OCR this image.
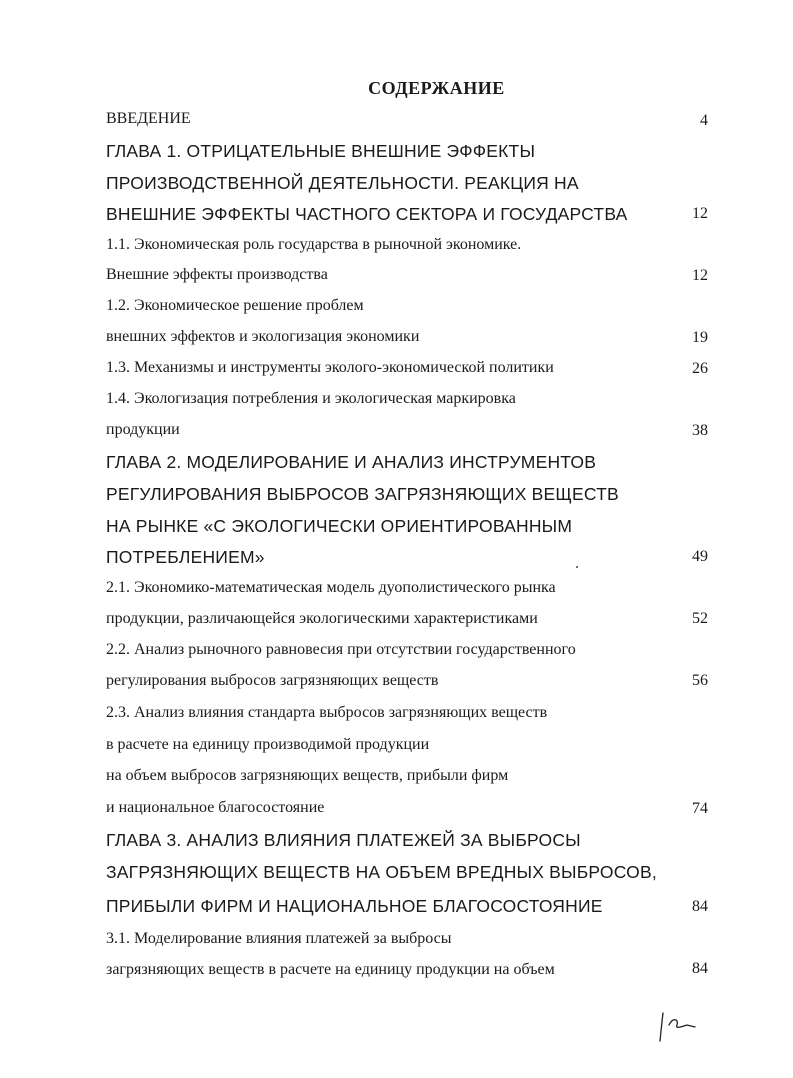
СОДЕРЖАНИЕ
ВВЕДЕНИЕ	4
ГЛАВА 1. ОТРИЦАТЕЛЬНЫЕ ВНЕШНИЕ ЭФФЕКТЫ
ПРОИЗВОДСТВЕННОЙ ДЕЯТЕЛЬНОСТИ. РЕАКЦИЯ НА
ВНЕШНИЕ ЭФФЕКТЫ ЧАСТНОГО СЕКТОРА И ГОСУДАРСТВА	12
1.1. Экономическая роль государства в рыночной экономике.
Внешние эффекты производства	12
1.2. Экономическое решение проблем
внешних эффектов и экологизация экономики	19
1.3. Механизмы и инструменты эколого-экономической политики	26
1.4. Экологизация потребления и экологическая маркировка
продукции	38
ГЛАВА 2. МОДЕЛИРОВАНИЕ И АНАЛИЗ ИНСТРУМЕНТОВ
РЕГУЛИРОВАНИЯ ВЫБРОСОВ ЗАГРЯЗНЯЮЩИХ ВЕЩЕСТВ
НА РЫНКЕ «С ЭКОЛОГИЧЕСКИ ОРИЕНТИРОВАННЫМ
ПОТРЕБЛЕНИЕМ»	49
2.1. Экономико-математическая модель дуополистического рынка
продукции, различающейся экологическими характеристиками	52
2.2. Анализ рыночного равновесия при отсутствии государственного
регулирования выбросов загрязняющих веществ	56
2.3. Анализ влияния стандарта выбросов загрязняющих веществ
в расчете на единицу производимой продукции
на объем выбросов загрязняющих веществ, прибыли фирм
и национальное благосостояние	74
ГЛАВА 3. АНАЛИЗ ВЛИЯНИЯ ПЛАТЕЖЕЙ ЗА ВЫБРОСЫ
ЗАГРЯЗНЯЮЩИХ ВЕЩЕСТВ НА ОБЪЕМ ВРЕДНЫХ ВЫБРОСОВ,
ПРИБЫЛИ ФИРМ И НАЦИОНАЛЬНОЕ БЛАГОСОСТОЯНИЕ	84
3.1. Моделирование влияния платежей за выбросы
загрязняющих веществ в расчете на единицу продукции на объем	84
